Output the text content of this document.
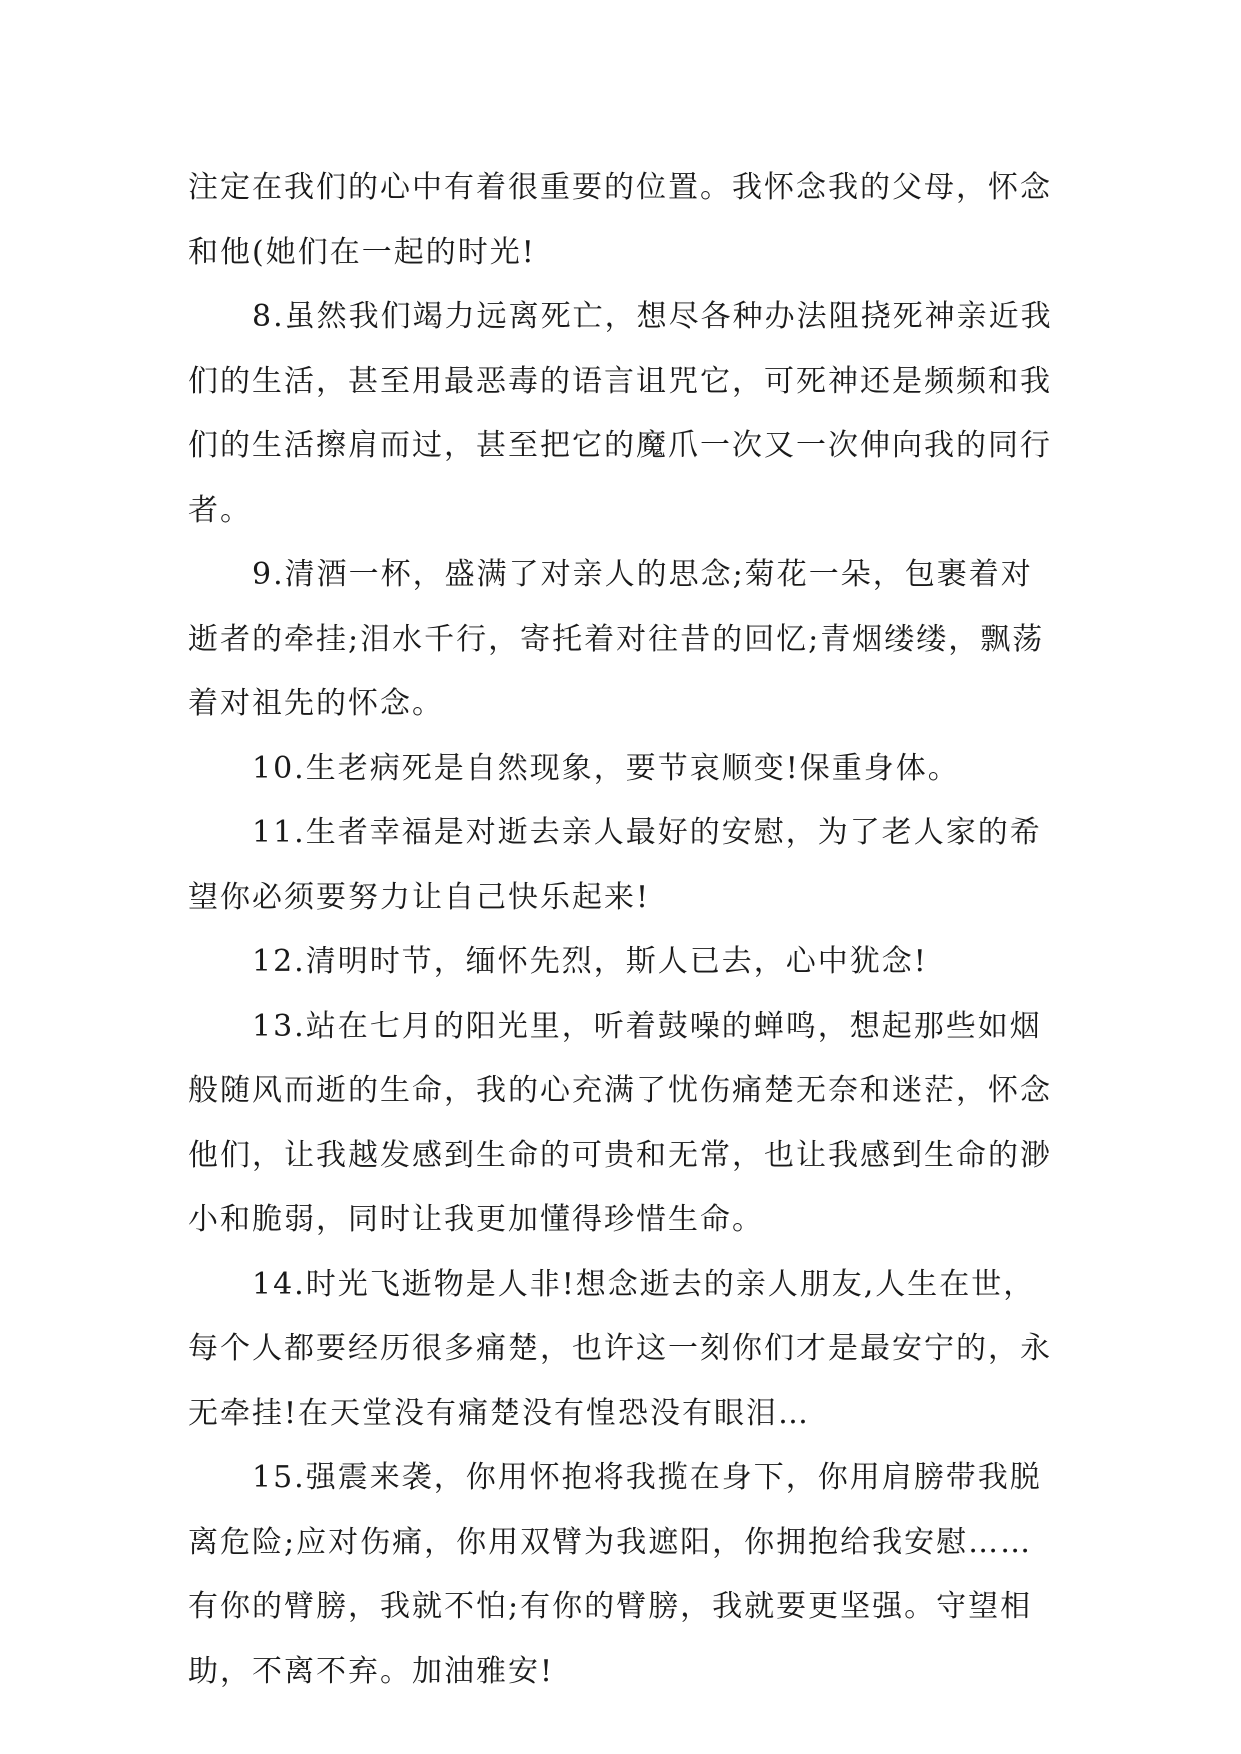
注定在我们的心中有着很重要的位置。我怀念我的父母，怀念和他(她们在一起的时光!

8.虽然我们竭力远离死亡，想尽各种办法阻挠死神亲近我们的生活，甚至用最恶毒的语言诅咒它，可死神还是频频和我们的生活擦肩而过，甚至把它的魔爪一次又一次伸向我的同行者。

9.清酒一杯，盛满了对亲人的思念;菊花一朵，包裹着对逝者的牵挂;泪水千行，寄托着对往昔的回忆;青烟缕缕，飘荡着对祖先的怀念。

10.生老病死是自然现象，要节哀顺变!保重身体。

11.生者幸福是对逝去亲人最好的安慰，为了老人家的希望你必须要努力让自己快乐起来!

12.清明时节，缅怀先烈，斯人已去，心中犹念!

13.站在七月的阳光里，听着鼓噪的蝉鸣，想起那些如烟般随风而逝的生命，我的心充满了忧伤痛楚无奈和迷茫，怀念他们，让我越发感到生命的可贵和无常，也让我感到生命的渺小和脆弱，同时让我更加懂得珍惜生命。

14.时光飞逝物是人非!想念逝去的亲人朋友,人生在世，每个人都要经历很多痛楚，也许这一刻你们才是最安宁的，永无牵挂!在天堂没有痛楚没有惶恐没有眼泪…

15.强震来袭，你用怀抱将我揽在身下，你用肩膀带我脱离危险;应对伤痛，你用双臂为我遮阳，你拥抱给我安慰……有你的臂膀，我就不怕;有你的臂膀，我就要更坚强。守望相助，不离不弃。加油雅安!
